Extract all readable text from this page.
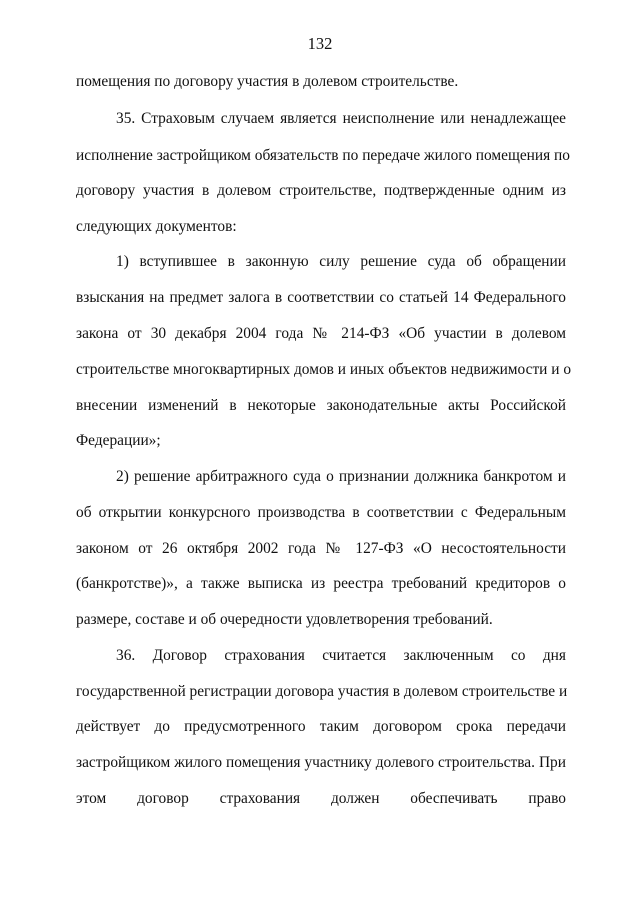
132
помещения по договору участия в долевом строительстве.
35. Страховым случаем является неисполнение или ненадлежащее
исполнение застройщиком обязательств по передаче жилого помещения по
договору участия в долевом строительстве, подтвержденные одним из
следующих документов:
1) вступившее в законную силу решение суда об обращении
взыскания на предмет залога в соответствии со статьей 14 Федерального
закона от 30 декабря 2004 года № 214-ФЗ «Об участии в долевом
строительстве многоквартирных домов и иных объектов недвижимости и о
внесении изменений в некоторые законодательные акты Российской
Федерации»;
2) решение арбитражного суда о признании должника банкротом и
об открытии конкурсного производства в соответствии с Федеральным
законом от 26 октября 2002 года № 127-ФЗ «О несостоятельности
(банкротстве)», а также выписка из реестра требований кредиторов о
размере, составе и об очередности удовлетворения требований.
36. Договор страхования считается заключенным со дня
государственной регистрации договора участия в долевом строительстве и
действует до предусмотренного таким договором срока передачи
застройщиком жилого помещения участнику долевого строительства. При
этом договор страхования должен обеспечивать право
